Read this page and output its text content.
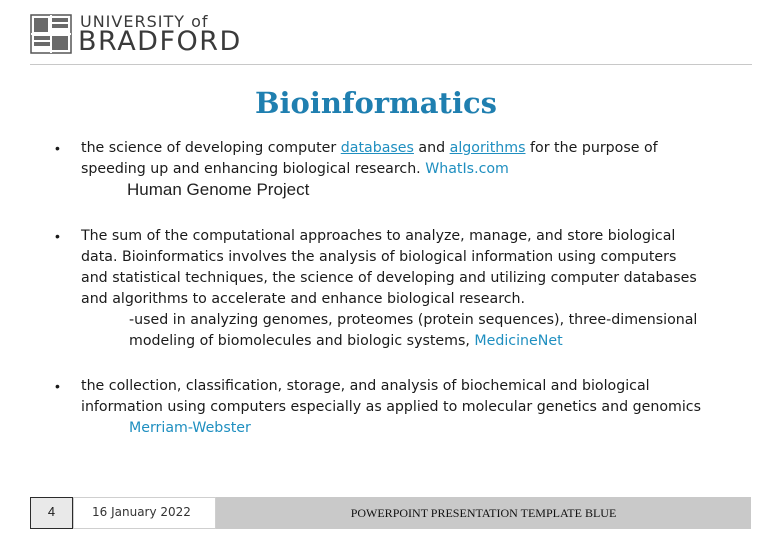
UNIVERSITY of
BRADFORD
Bioinformatics
• the science of developing computer databases and algorithms for the purpose of
speeding up and enhancing biological research. WhatIs.com
Human Genome Project
• The sum of the computational approaches to analyze, manage, and store biological
data. Bioinformatics involves the analysis of biological information using computers
and statistical techniques, the science of developing and utilizing computer databases
and algorithms to accelerate and enhance biological research.
-used in analyzing genomes, proteomes (protein sequences), three-dimensional
modeling of biomolecules and biologic systems, MedicineNet
• the collection, classification, storage, and analysis of biochemical and biological
information using computers especially as applied to molecular genetics and genomics
Merriam-Webster
4	16 January 2022	POWERPOINT PRESENTATION TEMPLATE BLUE
